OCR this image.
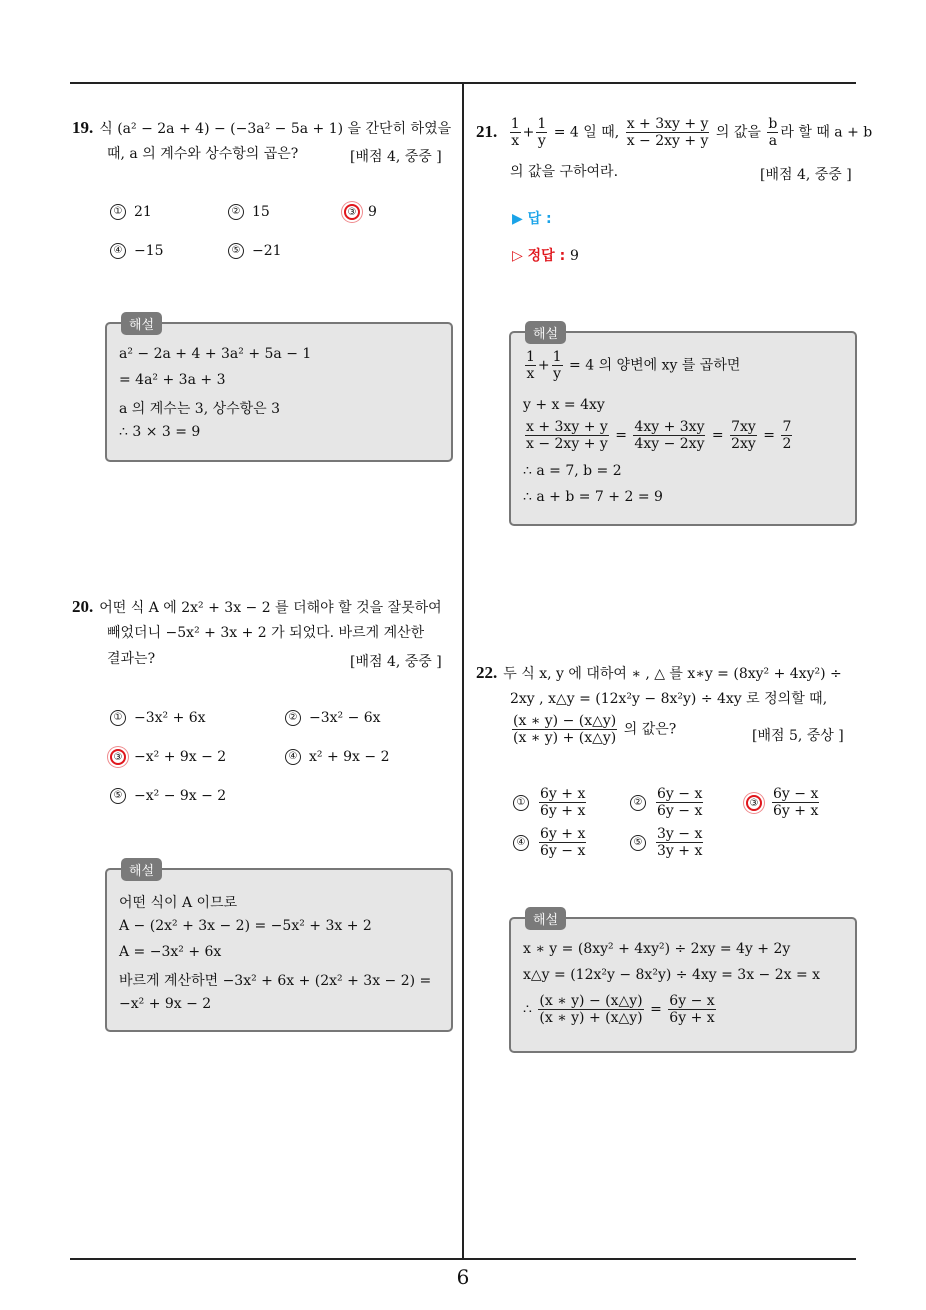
19. 식 (a² − 2a + 4) − (−3a² − 5a + 1) 을 간단히 하였을
때, a 의 계수와 상수항의 곱은?	[배점 4, 중중 ]
① 21	② 15	③ 9
④ −15	⑤ −21
해설
a² − 2a + 4 + 3a² + 5a − 1
= 4a² + 3a + 3
a 의 계수는 3, 상수항은 3
∴ 3 × 3 = 9
20. 어떤 식 A 에 2x² + 3x − 2 를 더해야 할 것을 잘못하여
빼었더니 −5x² + 3x + 2 가 되었다. 바르게 계산한
결과는?	[배점 4, 중중 ]
① −3x² + 6x	② −3x² − 6x
③ −x² + 9x − 2	④ x² + 9x − 2
⑤ −x² − 9x − 2
해설
어떤 식이 A 이므로
A − (2x² + 3x − 2) = −5x² + 3x + 2
A = −3x² + 6x
바르게 계산하면 −3x² + 6x + (2x² + 3x − 2) =
−x² + 9x − 2
21. $\frac{1}{x} + \frac{1}{y} = 4$ 일 때, $\frac{x + 3xy + y}{x - 2xy + y}$ 의 값을 $\frac{b}{a}$ 라 할 때 a + b
의 값을 구하여라.	[배점 4, 중중 ]
▶ 답 :
▷ 정답 : 9
해설
$\frac{1}{x} + \frac{1}{y} = 4$ 의 양변에 xy 를 곱하면
y + x = 4xy
$\frac{x + 3xy + y}{x - 2xy + y} = \frac{4xy + 3xy}{4xy - 2xy} = \frac{7xy}{2xy} = \frac{7}{2}$
∴ a = 7, b = 2
∴ a + b = 7 + 2 = 9
22. 두 식 x, y 에 대하여 ∗ , △ 를 x∗y = (8xy² + 4xy²) ÷
2xy , x△y = (12x²y − 8x²y) ÷ 4xy 로 정의할 때,
$\frac{(x ∗ y) - (x\triangle y)}{(x ∗ y) + (x\triangle y)}$ 의 값은?	[배점 5, 중상 ]
① $\frac{6y + x}{6y + x}$	② $\frac{6y - x}{6y - x}$	③ $\frac{6y - x}{6y + x}$
④ $\frac{6y + x}{6y - x}$	⑤ $\frac{3y - x}{3y + x}$
해설
x ∗ y = (8xy² + 4xy²) ÷ 2xy = 4y + 2y
x△y = (12x²y − 8x²y) ÷ 4xy = 3x − 2x = x
∴ $\frac{(x ∗ y) - (x\triangle y)}{(x ∗ y) + (x\triangle y)} = \frac{6y - x}{6y + x}$
6
